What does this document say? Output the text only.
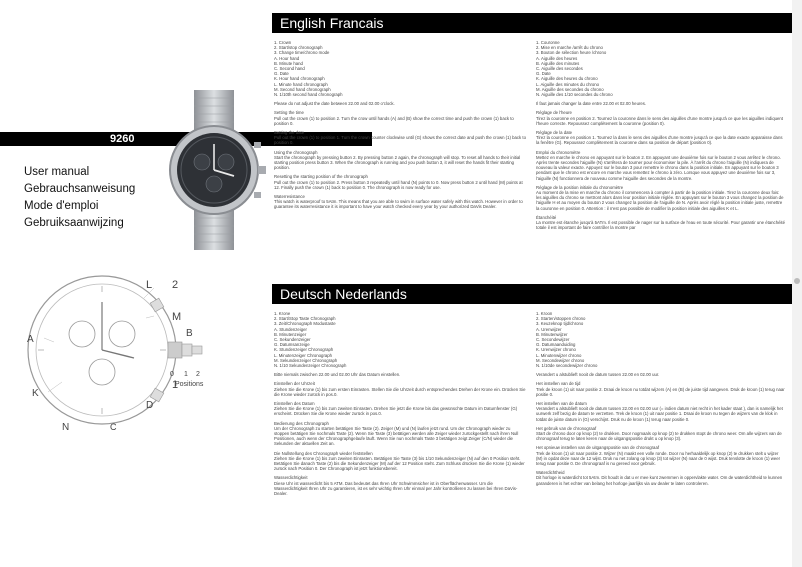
9260
User manual
Gebrauchsanweisung
Mode d'emploi
Gebruiksaanwijzing
L
M
A
B
K
N	C
D
2
1
0 1 2
Positions
English Francais
1. Crown
2. Start/stop chronograph
3. Change time/chrono mode
A. Hour hand
B. Minute hand
C. Second hand
G. Date
K. Hour hand chronograph
L. Minute hand chronograph
M. Second hand chronograph
N. 1/10th second hand chronograph
Please do not adjust the date between 22.00 and 02.00 o'clock.
Setting the time
Pull out the crown (1) to position 2. Turn the crow until hands (A) and (B) show the correct time and push the crown (1) back to position 0.
Setting the date
Pull out the crown (1) to position 1. Turn the crown counter clockwise until (G) shows the correct date and push the crown (1) back to position 0.
Using the chronograph
Start the chronograph by pressing button 2. By pressing button 2 again, the chronograph will stop. To reset all hands to their initial starting position press button 3. When the chronograph is running and you push button 3, it will reset the hands fit their starting position.
Resetting the starting position of the chronograph
Pull out the crown (1) to position 2. Press button 3 repeatedly until hand (N) points to 0. Now press button 2 until hand (M) points at 12. Finally push the crown (1) back to position 0. The chronograph is now ready for use.
Waterresistance
This watch is waterproof to 5Atm. This means that you are able to swim in surface water safely with this watch. However in order to guarantee its waterresistance it is important to have your watch checked every year by your authorized DaVis Dealer.
1. Couronne
2. Mise en marche /arrêt du chrono
3. Bouton de sélection heure /chrono
A. Aiguille des heures
B. Aiguille des minutes
C. Aiguille des secondes
G. Date
K. Aiguille des heures du chrono
L. Aiguille des minutes du chrono
M. Aiguille des secondes du chrono
N. Aiguille des 1/10 secondes du chrono
Il faut jamais changer la date entre 22.00 et 02.00 heures.
Réglage de l'heure
Tirez la couronne en position 2. Tournez la couronne dans le sens des aiguilles d'une montre jusqu'à ce que les aiguilles indiquent l'heure correcte. Repoussez complètement la couronne (position 0).
Réglage de la date
Tirez la couronne en position 1. Tournez la dans le sens des aiguilles d'une montre jusqu'à ce que la date exacte apparaisse dans la fenêtre (G). Repoussez complètement la couronne dans sa position de départ (position 0).
Emploi du chronomètre
Mettez en marche le chrono en appuyant sur le bouton 2. En appuyant une deuxième fois sur le bouton 2 vous arrêtez le chrono. Après trente secondes l'aiguille (N) s'arrêtera de tourner pour économiser la pile. À l'arrêt du chrono l'aiguille (N) indiquera de nouveau la valeur exacte. Appuyez sur le bouton 3 pour remettre le chrono dans la position initiale. En appuyant sur le bouton 3 pendant que le chrono est encore en marche vous remettez le chrono à zéro. Lorsque vous appuyez une deuxième fois sur 3, l'aiguille (N) fonctionnera de nouveau comme l'aiguille des secondes de la montre.
Réglage de la position initiale du chronomètre
Au moment de la mise en marche du chrono il commencera à compter à partir de la position initiale. Tirez la couronne deux fois: les aiguilles du chrono se mettront alors dans leur position initiale réglée. En appuyant sur le bouton 3 vous changez la position de l'aiguille H et au moyen du bouton 2 vous changez la position de l'aiguille de N. Après avoir réglé la position initiale juste, remettre la couronne en position 0. Attention : il n'est pas possible de modifier la position initiale des aiguilles K et L.
Étanchéité
La montre est étanche jusqu'à 5ATm. Il est possible de nager sur la surface de l'eau en toute sécurité. Pour garantir une étanchéité totale il est important de faire contrôler la montre par
Deutsch Nederlands
1. Krone
2. Start/Stop Taste Chronograph
3. Zeit/Chronograph Modustaste
A. Stundenzeiger
B. Minutenzeiger
C. Sekundenzeiger
G. Datumsanzeige
K. Stundenzeiger Chronograph
L. Minutenzeiger Chronograph
M. Sekundenzeiger Chronograph
N. 1/10 Sekundenzeiger Chronograph
Bitte niemals zwischen 22.00 und 02.00 Uhr das Datum einstellen.
Einstellen der Uhrzeit
Ziehen Sie die Krone (1) bis zum ersten Einrasten. Stellen Sie die Uhrzeit durch entsprechendes Drehen der Krone ein. Drücken Sie die Krone wieder zurück in pos.0.
Einstellen des Datum
Ziehen Sie die Krone (1) bis zum zweiten Einrasten. Drehen Sie jetzt die Krone bis das gewünschte Datum im Datumfenster (G) erscheint. Drücken Sie die Krone wieder zurück in pos.0.
Bedienung des Chronograph
Um der Chronograph zu starten betätigen Sie Taste (2). Zeiger (M) und (N) laufen jetzt rund. Um der Chronograph wieder zu stoppen betätigen Sie nochmals Taste (2). Wenn Sie Taste (3) betätigen werden alle Zeiger wieder zurückgestellt nach ihren Null Positionen, auch wenn der Chronographgelaufe läuft. Wenn Sie nun nochmals Taste 3 betätigen zeigt Zeiger (C/N) wieder die Sekunden der aktuellen Zeit an.
Die Nullstellung des Chronograph wieder feststellen
Ziehen Sie die Krone (1) bis zum zweiten Einrasten. Betätigen Sie Taste (3) bis 1/10 Sekundenzeiger (N) auf den 0 Position steht. Betätigen Sie danach Taste (2) bis die Sekundenzeiger (M) auf der 12 Position steht. Zum Schluss drücken Sie die Krone (1) wieder zurück nach Position 0. Der Chronograph ist jetzt funktionsbereit.
Wasserdichtigkeit
Diese Uhr ist wasserdicht bis 5 ATM. Das bedeutet das Ihren Uhr Schwimmsicher ist in Oberflächenwasser. Um die Wasserdichtigkeit Ihren Uhr zu garantieren, ist es sehr wichtig Ihren Uhr einmal per Jahr kontrollieren zu lassen bei Ihren DaVis-Dealer.
1. Kroon
2. Starten/stoppen chrono
3. Keuzeknop tijd/chrono
A. Urenwijzer
B. Minutenwijzer
C. Secondewijzer
G. Datumaanduiding
K. Urenwijzer chrono
L. Minutenwijzer chrono
M. Secondewijzer chrono
N. 1/10de secondewijzer chrono
Verandert u alstublieft nooit de datum tussen 22.00 en 02.00 uur.
Het instellen van de tijd
Trek de kroon (1) uit naar positie 2. Draai de kroon nu totdat wijzers (A) en (B) de juiste tijd aangeven. Druk de kroon (1) terug naar positie 0.
Het instellen van de datum
Verandert u alstublieft nooit de datum tussen 22.00 en 02.00 uur (= indien datum niet recht in het kader staat ), dan is namelijk het uurwerk zelf bezig de datum te verzetten. Trek de kroon (1) uit naar positie 1. Draai de kroon nu tegen de wijzers van de klok in totdat de juiste datum in (G) verschijnt. Druk nu de kroon (1) terug naar positie 0.
Het gebruik van de chronograaf
Start de chrono door op knop (2) te drukken. Door nogmaals op knop (2) te drukken stopt de chrono weer. Om alle wijzers van de chronograaf terug te laten keren naar de uitgangspositie drukt u op knop (3).
Het opnieuw instellen van de uitgangspositie van de chronograaf
Trek de kroon (1) uit naar positie 2. Wijzer (N) maakt een volle ronde. Door nu herhaaldelijk op knop (2) te drukken stelt u wijzer (M) in opdat deze naar de 12 wijst. Druk nu net zolang op knop (3) tot wijzer (N) naar de 0 wijst. Druk tenslotte de kroon (1) weer terug naar positie 0. De chronograaf is nu gereed voor gebruik.
Waterdichtheid
Dit horloge is waterdicht tot 5Atm. Dit houdt in dat u er mee kunt zwemmen in oppervlakte water. Om de waterdichtheid te kunnen garanderen is het echter van belang het horloge jaarlijks via uw dealer te laten controleren.
